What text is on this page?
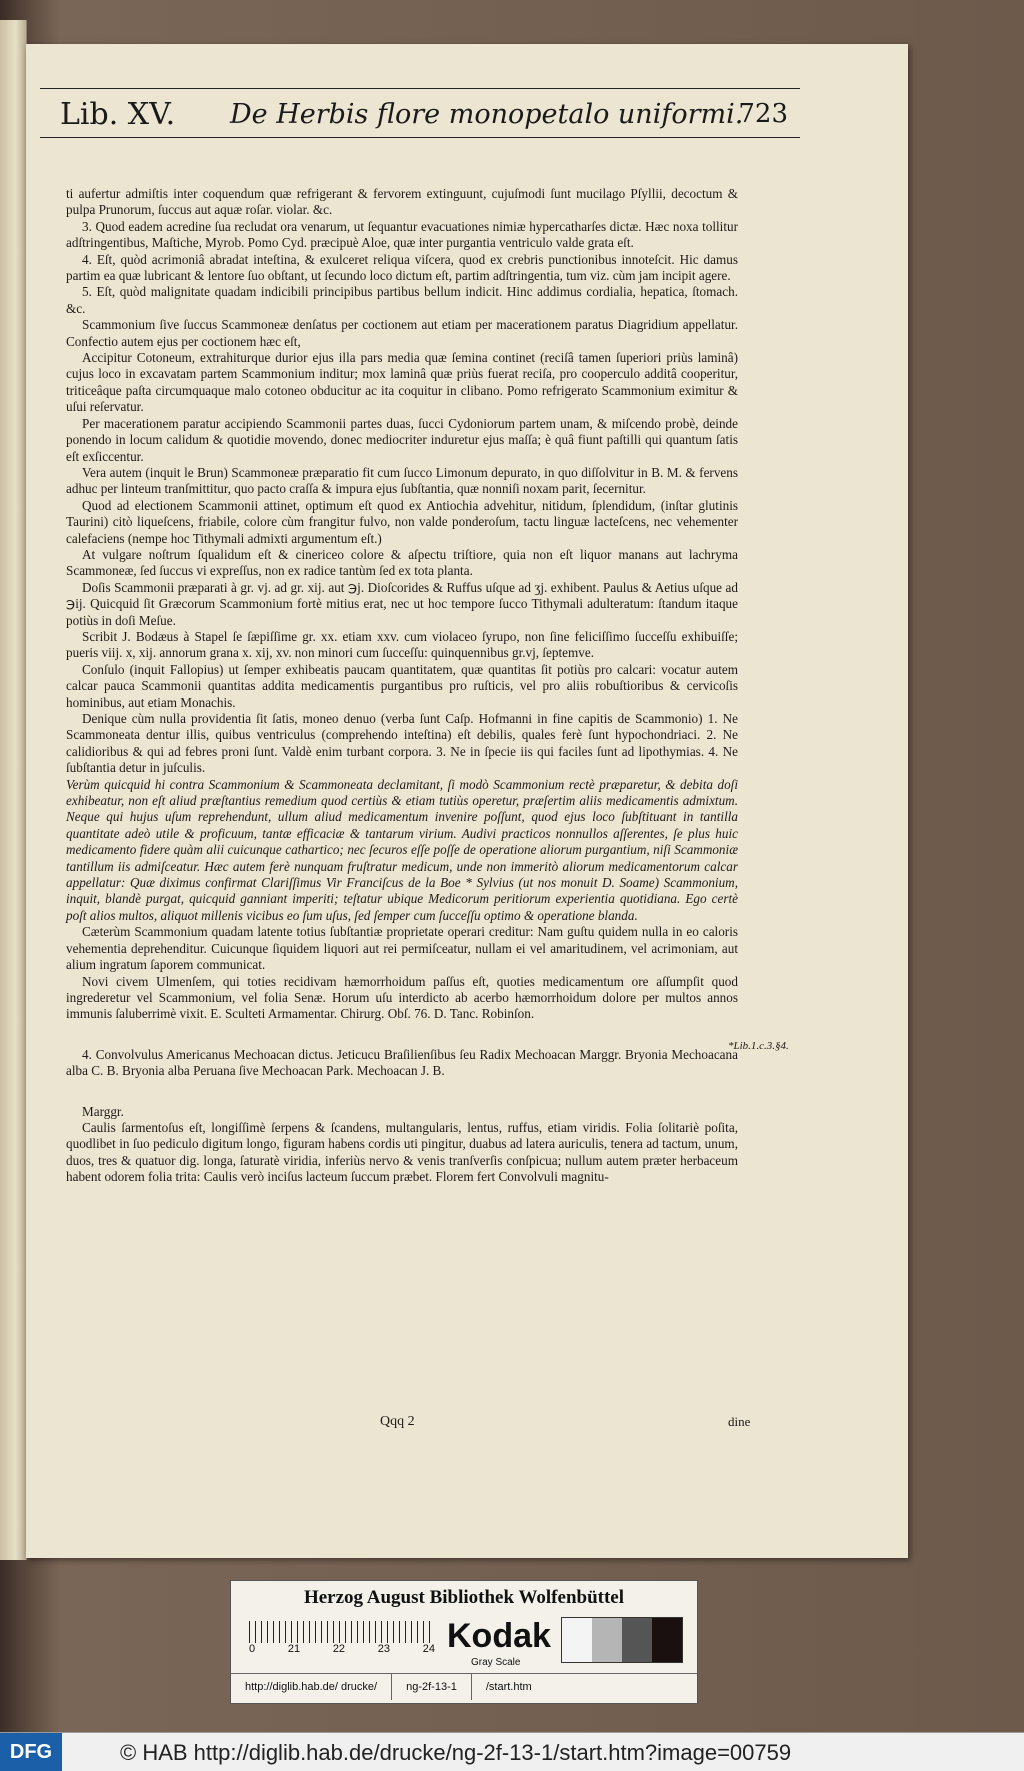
Lib. XV. De Herbis flore monopetalo uniformi.
723

ti aufertur admiſtis inter coquendum quæ refrigerant & fervorem extinguunt, cujuſmodi ſunt mucilago Pſyllii, decoctum & pulpa Prunorum, ſuccus aut aquæ roſar. violar. &c.

3. Quod eadem acredine ſua recludat ora venarum, ut ſequantur evacuationes nimiæ hypercatharſes dictæ. Hæc noxa tollitur adſtringentibus, Maſtiche, Myrob. Pomo Cyd. præcipuè Aloe, quæ inter purgantia ventriculo valde grata eſt.

4. Eſt, quòd acrimoniâ abradat inteſtina, & exulceret reliqua viſcera, quod ex crebris punctionibus innoteſcit. Hic damus partim ea quæ lubricant & lentore ſuo obſtant, ut ſecundo loco dictum eſt, partim adſtringentia, tum viz. cùm jam incipit agere.

5. Eſt, quòd malignitate quadam indicibili principibus partibus bellum indicit. Hinc addimus cordialia, hepatica, ſtomach. &c.

Scammonium ſive ſuccus Scammoneæ denſatus per coctionem aut etiam per macerationem paratus Diagridium appellatur. Confectio autem ejus per coctionem hæc eſt,

Accipitur Cotoneum, extrahiturque durior ejus illa pars media quæ ſemina continet (reciſâ tamen ſuperiori priùs laminâ) cujus loco in excavatam partem Scammonium inditur; mox laminâ quæ priùs fuerat reciſa, pro cooperculo additâ cooperitur, triticeâque paſta circumquaque malo cotoneo obducitur ac ita coquitur in clibano. Pomo refrigerato Scammonium eximitur & uſui reſervatur.

Per macerationem paratur accipiendo Scammonii partes duas, ſucci Cydoniorum partem unam, & miſcendo probè, deinde ponendo in locum calidum & quotidie movendo, donec mediocriter induretur ejus maſſa; è quâ fiunt paſtilli qui quantum ſatis eſt exſiccentur.

Vera autem (inquit le Brun) Scammoneæ præparatio fit cum ſucco Limonum depurato, in quo diſſolvitur in B. M. & fervens adhuc per linteum tranſmittitur, quo pacto craſſa & impura ejus ſubſtantia, quæ nonniſi noxam parit, ſecernitur.

Quod ad electionem Scammonii attinet, optimum eſt quod ex Antiochia advehitur, nitidum, ſplendidum, (inſtar glutinis Taurini) citò liqueſcens, friabile, colore cùm frangitur fulvo, non valde ponderoſum, tactu linguæ lacteſcens, nec vehementer calefaciens (nempe hoc Tithymali admixti argumentum eſt.)

At vulgare noſtrum ſqualidum eſt & cinericeo colore & aſpectu triſtiore, quia non eſt liquor manans aut lachryma Scammoneæ, ſed ſuccus vi expreſſus, non ex radice tantùm ſed ex tota planta.

Doſis Scammonii præparati à gr. vj. ad gr. xij. aut ℈j. Dioſcorides & Ruffus uſque ad ʒj. exhibent. Paulus & Aetius uſque ad ℈ij. Quicquid ſit Græcorum Scammonium fortè mitius erat, nec ut hoc tempore ſucco Tithymali adulteratum: ſtandum itaque potiùs in doſi Meſue.

Scribit J. Bodæus à Stapel ſe ſæpiſſime gr. xx. etiam xxv. cum violaceo ſyrupo, non ſine feliciſſimo ſucceſſu exhibuiſſe; pueris viij. x, xij. annorum grana x. xij, xv. non minori cum ſucceſſu: quinquennibus gr.vj, ſeptemve.

Conſulo (inquit Fallopius) ut ſemper exhibeatis paucam quantitatem, quæ quantitas ſit potiùs pro calcari: vocatur autem calcar pauca Scammonii quantitas addita medicamentis purgantibus pro ruſticis, vel pro aliis robuſtioribus & cervicoſis hominibus, aut etiam Monachis.

Denique cùm nulla providentia ſit ſatis, moneo denuo (verba ſunt Caſp. Hofmanni in fine capitis de Scammonio) 1. Ne Scammoneata dentur illis, quibus ventriculus (comprehendo inteſtina) eſt debilis, quales ferè ſunt hypochondriaci. 2. Ne calidioribus & qui ad febres proni ſunt. Valdè enim turbant corpora. 3. Ne in ſpecie iis qui faciles ſunt ad lipothymias. 4. Ne ſubſtantia detur in juſculis.

Verùm quicquid hi contra Scammonium & Scammoneata declamitant, ſi modò Scammonium rectè præparetur, & debita doſi exhibeatur, non eſt aliud præſtantius remedium quod certiùs & etiam tutiùs operetur, præſertim aliis medicamentis admixtum. Neque qui hujus uſum reprehendunt, ullum aliud medicamentum invenire poſſunt, quod ejus loco ſubſtituant in tantilla quantitate adeò utile & proficuum, tantæ efficaciæ & tantarum virium. Audivi practicos nonnullos aſſerentes, ſe plus huic medicamento fidere quàm alii cuicunque cathartico; nec ſecuros eſſe poſſe de operatione aliorum purgantium, niſi Scammoniæ tantillum iis admiſceatur. Hæc autem ferè nunquam fruſtratur medicum, unde non immeritò aliorum medicamentorum calcar appellatur: Quæ diximus confirmat Clariſſimus Vir Franciſcus de la Boe * Sylvius (ut nos monuit D. Soame) Scammonium, inquit, blandè purgat, quicquid ganniant imperiti; teſtatur ubique Medicorum peritiorum experientia quotidiana. Ego certè poſt alios multos, aliquot millenis vicibus eo ſum uſus, ſed ſemper cum ſucceſſu optimo & operatione blanda.

Cæterùm Scammonium quadam latente totius ſubſtantiæ proprietate operari creditur: Nam guſtu quidem nulla in eo caloris vehementia deprehenditur. Cuicunque ſiquidem liquori aut rei permiſceatur, nullam ei vel amaritudinem, vel acrimoniam, aut alium ingratum ſaporem communicat.

Novi civem Ulmenſem, qui toties recidivam hæmorrhoidum paſſus eſt, quoties medicamentum ore aſſumpſit quod ingrederetur vel Scammonium, vel folia Senæ. Horum uſu interdicto ab acerbo hæmorrhoidum dolore per multos annos immunis ſaluberrimè vixit. E. Sculteti Armamentar. Chirurg. Obſ. 76. D. Tanc. Robinſon.

4. Convolvulus Americanus Mechoacan dictus. Jeticucu Braſilienſibus ſeu Radix Mechoacan Marggr. Bryonia Mechoacana alba C. B. Bryonia alba Peruana ſive Mechoacan Park. Mechoacan J. B.

Marggr.

Caulis ſarmentoſus eſt, longiſſimè ſerpens & ſcandens, multangularis, lentus, ruffus, etiam viridis. Folia ſolitariè poſita, quodlibet in ſuo pediculo digitum longo, figuram habens cordis uti pingitur, duabus ad latera auriculis, tenera ad tactum, unum, duos, tres & quatuor dig. longa, ſaturatè viridia, inferiùs nervo & venis tranſverſis conſpicua; nullum autem præter herbaceum habent odorem folia trita: Caulis verò inciſus lacteum ſuccum præbet. Florem fert Convolvuli magnitu-

*Lib.1.c.3.§4.
Qqq 2	dine
Herzog August Bibliothek Wolfenbüttel
0	21	22	23	24 Kodak
Gray Scale
http://diglib.hab.de/ drucke/	ng-2f-13-1	/start.htm
DFG	© HAB http://diglib.hab.de/drucke/ng-2f-13-1/start.htm?image=00759
